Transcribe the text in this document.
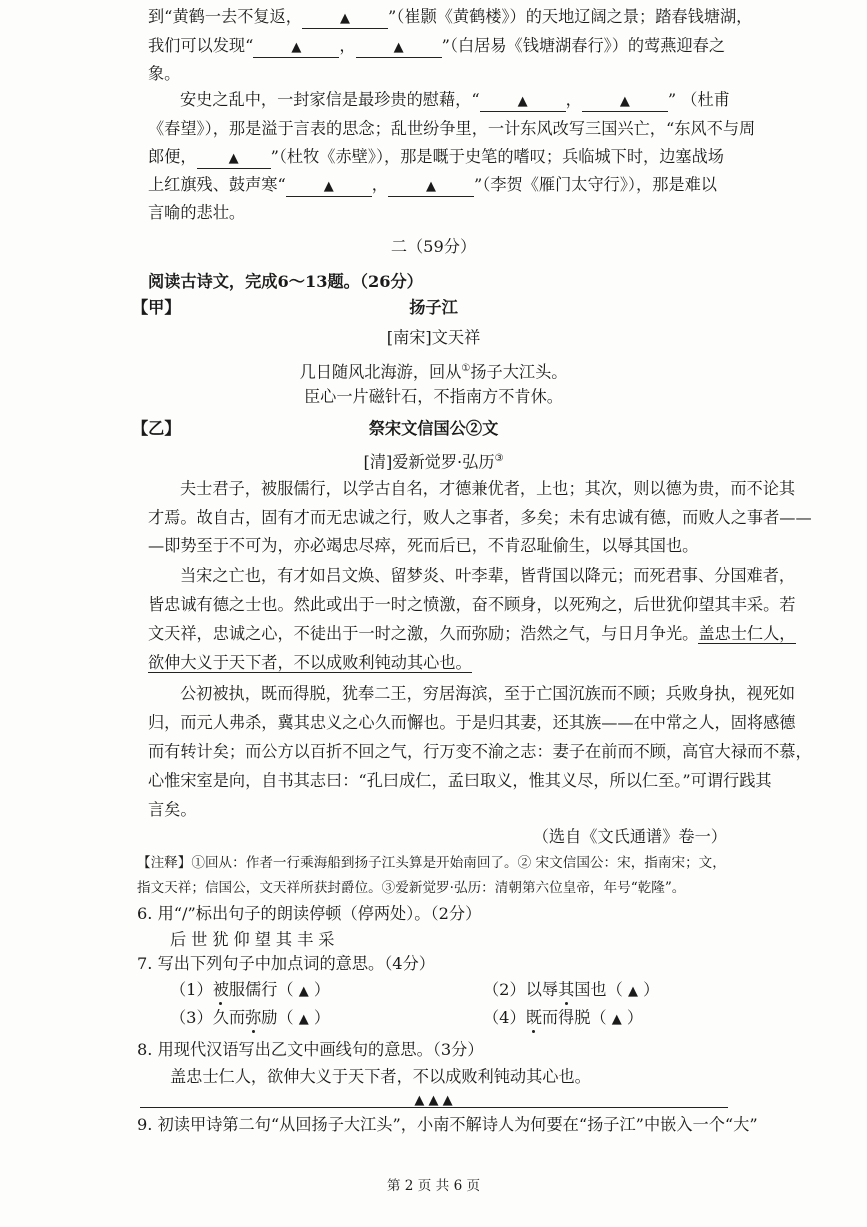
到“黄鹤一去不复返，	▲ ”（崔颢《黄鹤楼》）的天地辽阔之景；踏春钱塘湖，
我们可以发现“	▲ ，	▲ ”（白居易《钱塘湖春行》）的莺燕迎春之
象。
安史之乱中，一封家信是最珍贵的慰藉，“	▲ ，	▲ ” （杜甫
《春望》），那是溢于言表的思念；乱世纷争里，一计东风改写三国兴亡，“东风不与周
郎便， ▲ ”（杜牧《赤壁》），那是嘅于史笔的嗜叹；兵临城下时，边塞战场
上红旗残、鼓声寒“	▲ ，	▲ ”（李贺《雁门太守行》），那是难以
言喻的悲壮。
二（59分）
阅读古诗文，完成6～13题。（26分）
【甲】	扬子江
[南宋]文天祥
几日随风北海游，回从①扬子大江头。
臣心一片磁针石，不指南方不肯休。
【乙】	祭宋文信国公②文
[清]爱新觉罗·弘历③
夫士君子，被服儒行，以学古自名，才德兼优者，上也；其次，则以德为贵，而不论其
才焉。故自古，固有才而无忠诚之行，败人之事者，多矣；未有忠诚有德，而败人之事者——
—即势至于不可为，亦必竭忠尽瘁，死而后已，不肯忍耻偷生，以辱其国也。
当宋之亡也，有才如吕文焕、留梦炎、叶李辈，皆背国以降元；而死君事、分国难者，
皆忠诚有德之士也。然此或出于一时之愤激，奋不顾身，以死殉之，后世犹仰望其丰采。若
文天祥，忠诚之心，不徒出于一时之激，久而弥励；浩然之气，与日月争光。盖忠士仁人，
欲伸大义于天下者，不以成败利钝动其心也。
公初被执，既而得脱，犹奉二王，穷居海滨，至于亡国沉族而不顾；兵败身执，视死如
归，而元人弗杀，冀其忠义之心久而懈也。于是归其妻，还其族——在中常之人，固将感德
而有转计矣；而公方以百折不回之气，行万变不渝之志：妻子在前而不顾，高官大禄而不慕，
心惟宋室是向，自书其志曰：“孔曰成仁，孟曰取义，惟其义尽，所以仁至。”可谓行践其
言矣。
（选自《文氏通谱》卷一）
【注释】①回从：作者一行乘海船到扬子江头算是开始南回了。② 宋文信国公：宋，指南宋；文，
指文天祥；信国公，文天祥所获封爵位。③爱新觉罗·弘历：清朝第六位皇帝，年号“乾隆”。
6. 用“/”标出句子的朗读停顿（停两处）。（2分）
后世犹仰望其丰采
7. 写出下列句子中加点词的意思。（4分）
（1）被服儒行（ ▲ ）	（2）以辱其国也（ ▲ ）
（3）久而弥励（ ▲ ）	（4）既而得脱（ ▲ ）
8. 用现代汉语写出乙文中画线句的意思。（3分）
盖忠士仁人，欲伸大义于天下者，不以成败利钝动其心也。
▲ ▲ ▲
9. 初读甲诗第二句“从回扬子大江头”，小南不解诗人为何要在“扬子江”中嵌入一个“大”
第 2 页 共 6 页
